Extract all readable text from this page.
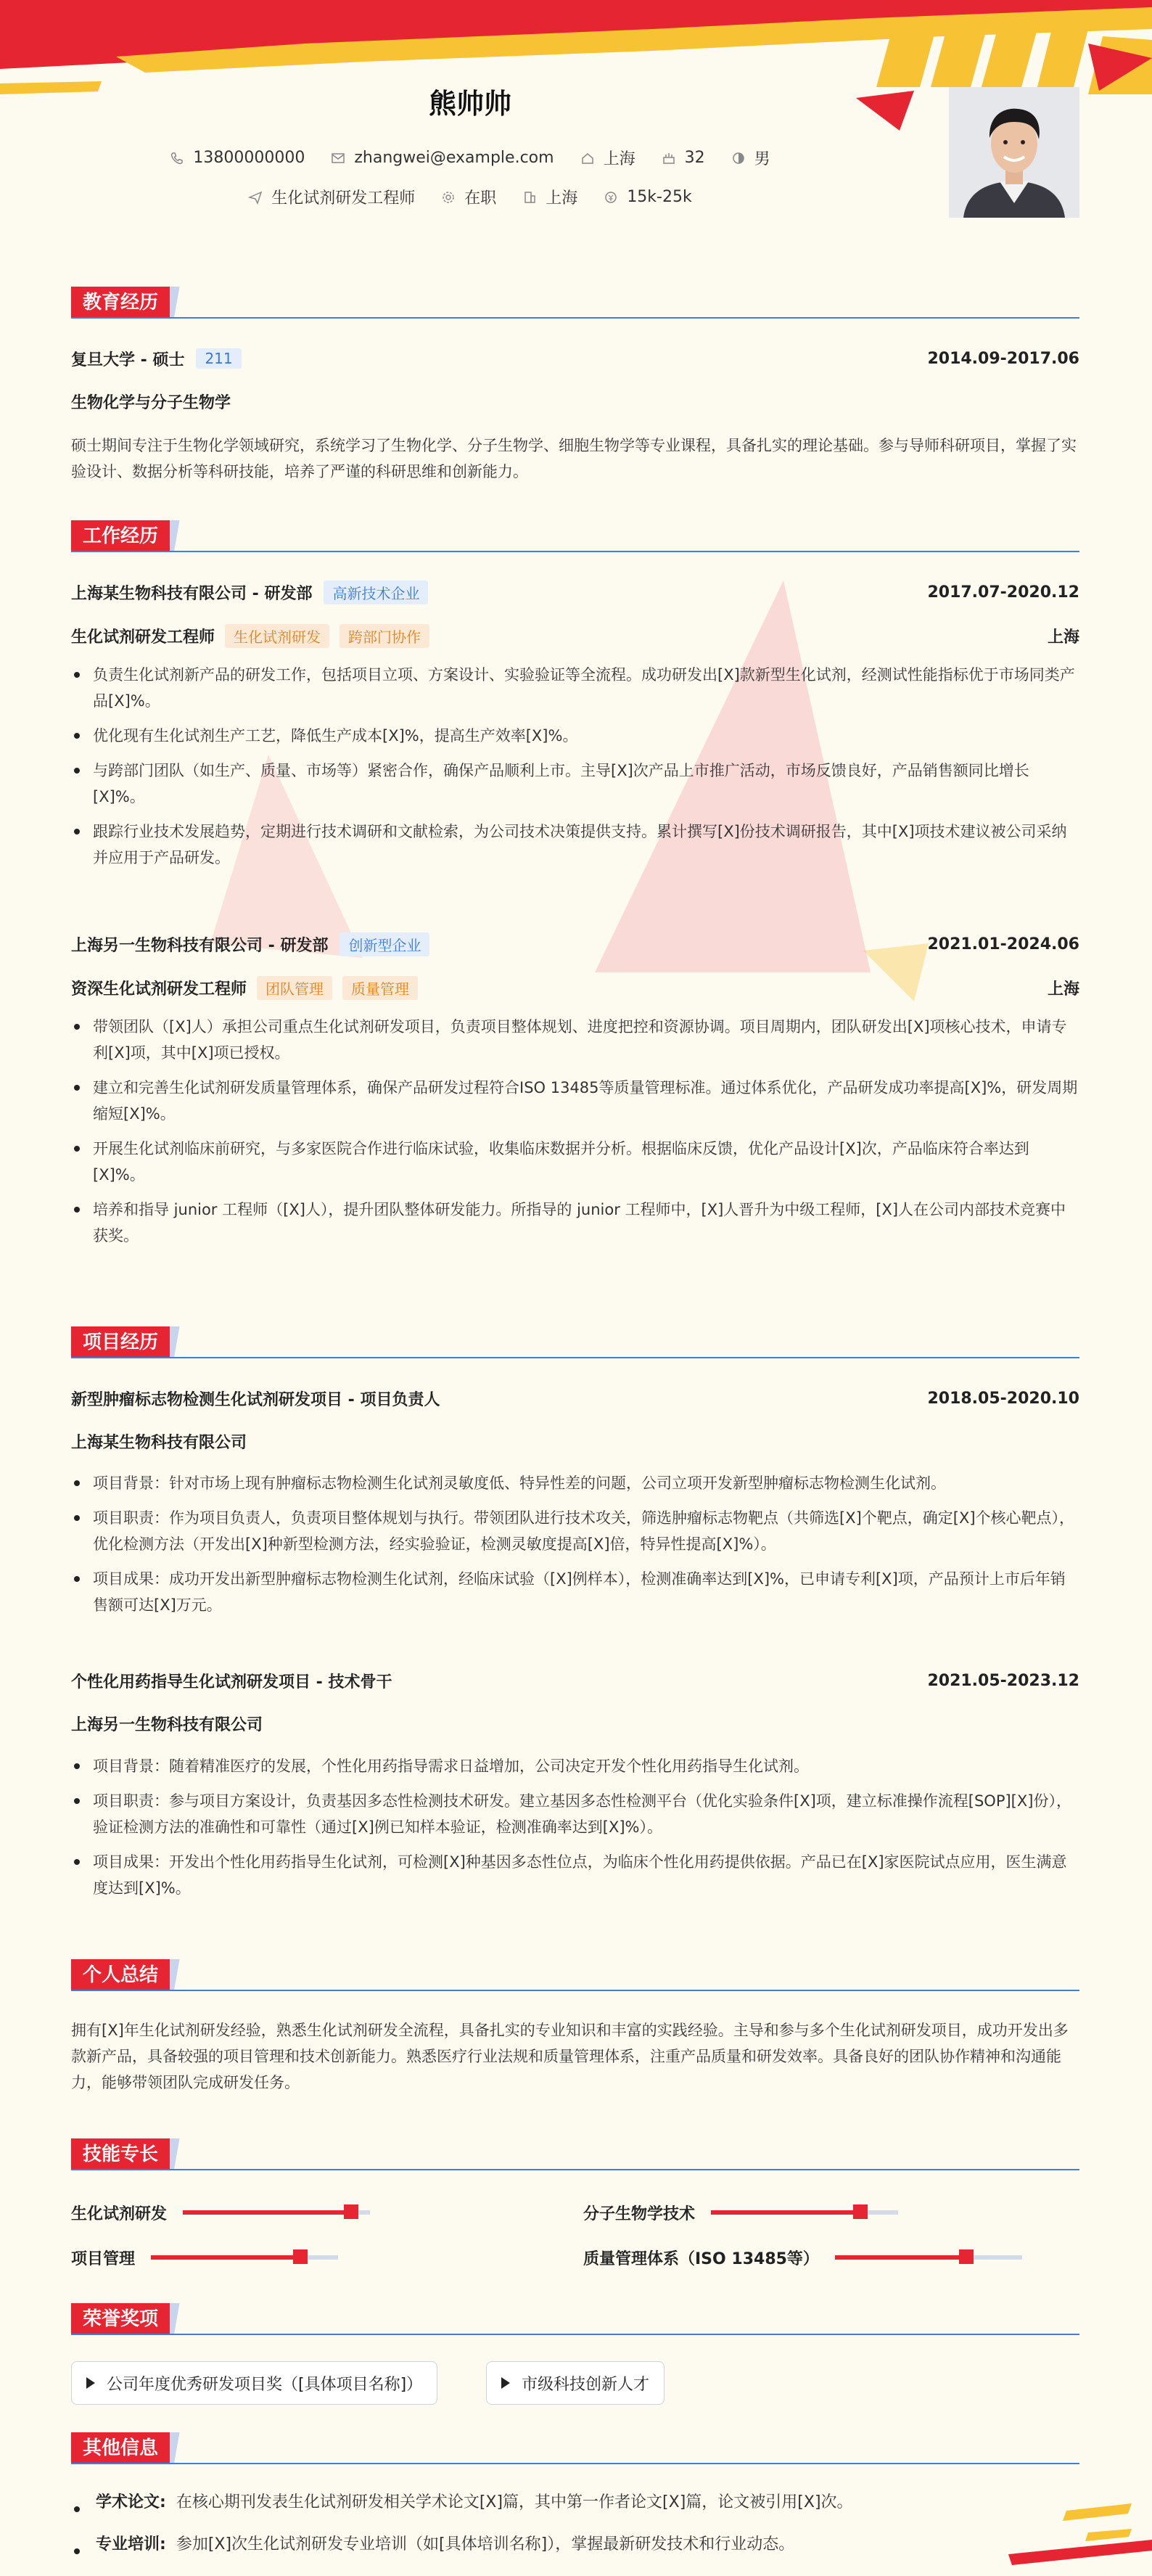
熊帅帅
13800000000	zhangwei@example.com	上海	32	男
生化试剂研发工程师	在职	上海	15k-25k
教育经历
复旦大学 - 硕士	211	2014.09-2017.06
生物化学与分子生物学
硕士期间专注于生物化学领域研究，系统学习了生物化学、分子生物学、细胞生物学等专业课程，具备扎实的理论基础。参与导师科研项目，掌握了实验设计、数据分析等科研技能，培养了严谨的科研思维和创新能力。
工作经历
上海某生物科技有限公司 - 研发部	高新技术企业	2017.07-2020.12
生化试剂研发工程师	生化试剂研发	跨部门协作	上海
负责生化试剂新产品的研发工作，包括项目立项、方案设计、实验验证等全流程。成功研发出[X]款新型生化试剂，经测试性能指标优于市场同类产品[X]%。
优化现有生化试剂生产工艺，降低生产成本[X]%，提高生产效率[X]%。
与跨部门团队（如生产、质量、市场等）紧密合作，确保产品顺利上市。主导[X]次产品上市推广活动，市场反馈良好，产品销售额同比增长[X]%。
跟踪行业技术发展趋势，定期进行技术调研和文献检索，为公司技术决策提供支持。累计撰写[X]份技术调研报告，其中[X]项技术建议被公司采纳并应用于产品研发。
上海另一生物科技有限公司 - 研发部	创新型企业	2021.01-2024.06
资深生化试剂研发工程师	团队管理	质量管理	上海
带领团队（[X]人）承担公司重点生化试剂研发项目，负责项目整体规划、进度把控和资源协调。项目周期内，团队研发出[X]项核心技术，申请专利[X]项，其中[X]项已授权。
建立和完善生化试剂研发质量管理体系，确保产品研发过程符合ISO 13485等质量管理标准。通过体系优化，产品研发成功率提高[X]%，研发周期缩短[X]%。
开展生化试剂临床前研究，与多家医院合作进行临床试验，收集临床数据并分析。根据临床反馈，优化产品设计[X]次，产品临床符合率达到[X]%。
培养和指导 junior 工程师（[X]人），提升团队整体研发能力。所指导的 junior 工程师中，[X]人晋升为中级工程师，[X]人在公司内部技术竞赛中获奖。
项目经历
新型肿瘤标志物检测生化试剂研发项目 - 项目负责人	2018.05-2020.10
上海某生物科技有限公司
项目背景：针对市场上现有肿瘤标志物检测生化试剂灵敏度低、特异性差的问题，公司立项开发新型肿瘤标志物检测生化试剂。
项目职责：作为项目负责人，负责项目整体规划与执行。带领团队进行技术攻关，筛选肿瘤标志物靶点（共筛选[X]个靶点，确定[X]个核心靶点），优化检测方法（开发出[X]种新型检测方法，经实验验证，检测灵敏度提高[X]倍，特异性提高[X]%）。
项目成果：成功开发出新型肿瘤标志物检测生化试剂，经临床试验（[X]例样本），检测准确率达到[X]%，已申请专利[X]项，产品预计上市后年销售额可达[X]万元。
个性化用药指导生化试剂研发项目 - 技术骨干	2021.05-2023.12
上海另一生物科技有限公司
项目背景：随着精准医疗的发展，个性化用药指导需求日益增加，公司决定开发个性化用药指导生化试剂。
项目职责：参与项目方案设计，负责基因多态性检测技术研发。建立基因多态性检测平台（优化实验条件[X]项，建立标准操作流程[SOP][X]份），验证检测方法的准确性和可靠性（通过[X]例已知样本验证，检测准确率达到[X]%）。
项目成果：开发出个性化用药指导生化试剂，可检测[X]种基因多态性位点，为临床个性化用药提供依据。产品已在[X]家医院试点应用，医生满意度达到[X]%。
个人总结
拥有[X]年生化试剂研发经验，熟悉生化试剂研发全流程，具备扎实的专业知识和丰富的实践经验。主导和参与多个生化试剂研发项目，成功开发出多款新产品，具备较强的项目管理和技术创新能力。熟悉医疗行业法规和质量管理体系，注重产品质量和研发效率。具备良好的团队协作精神和沟通能力，能够带领团队完成研发任务。
技能专长
生化试剂研发	分子生物学技术
项目管理	质量管理体系（ISO 13485等）
荣誉奖项
公司年度优秀研发项目奖（[具体项目名称]）	市级科技创新人才
其他信息
学术论文: 在核心期刊发表生化试剂研发相关学术论文[X]篇，其中第一作者论文[X]篇，论文被引用[X]次。
专业培训: 参加[X]次生化试剂研发专业培训（如[具体培训名称]），掌握最新研发技术和行业动态。
